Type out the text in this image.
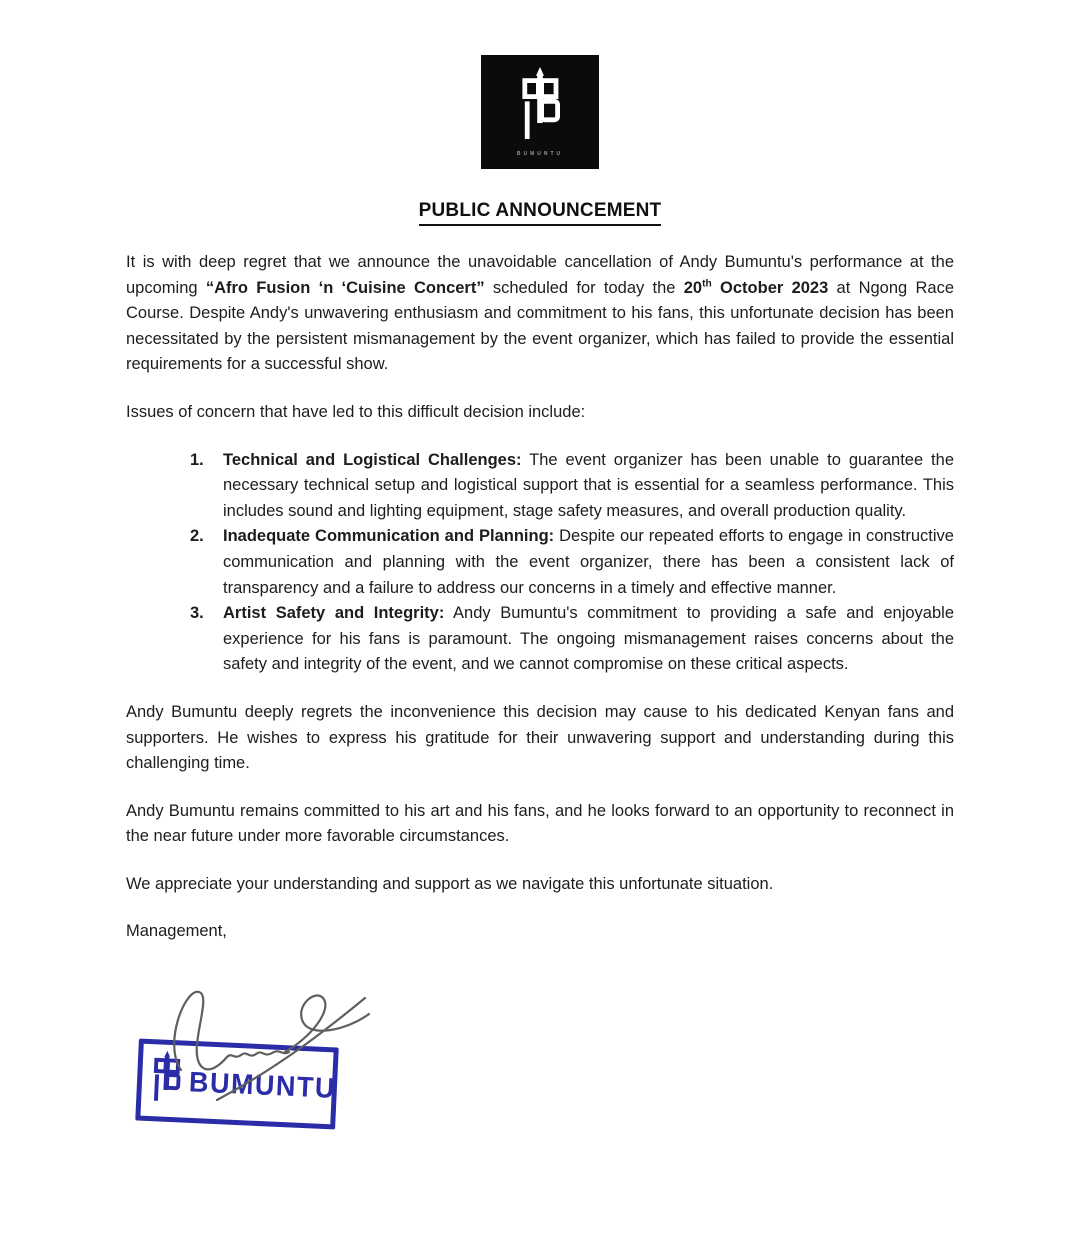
BUMUNTU
PUBLIC ANNOUNCEMENT

It is with deep regret that we announce the unavoidable cancellation of Andy Bumuntu's performance at the upcoming “Afro Fusion ‘n ‘Cuisine Concert” scheduled for today the 20th October 2023 at Ngong Race Course. Despite Andy's unwavering enthusiasm and commitment to his fans, this unfortunate decision has been necessitated by the persistent mismanagement by the event organizer, which has failed to provide the essential requirements for a successful show.

Issues of concern that have led to this difficult decision include:

1.	Technical and Logistical Challenges: The event organizer has been unable to guarantee the necessary technical setup and logistical support that is essential for a seamless performance. This includes sound and lighting equipment, stage safety measures, and overall production quality.
2.	Inadequate Communication and Planning: Despite our repeated efforts to engage in constructive communication and planning with the event organizer, there has been a consistent lack of transparency and a failure to address our concerns in a timely and effective manner.
3.	Artist Safety and Integrity: Andy Bumuntu's commitment to providing a safe and enjoyable experience for his fans is paramount. The ongoing mismanagement raises concerns about the safety and integrity of the event, and we cannot compromise on these critical aspects.

Andy Bumuntu deeply regrets the inconvenience this decision may cause to his dedicated Kenyan fans and supporters. He wishes to express his gratitude for their unwavering support and understanding during this challenging time.

Andy Bumuntu remains committed to his art and his fans, and he looks forward to an opportunity to reconnect in the near future under more favorable circumstances.

We appreciate your understanding and support as we navigate this unfortunate situation.

Management,

BUMUNTU
